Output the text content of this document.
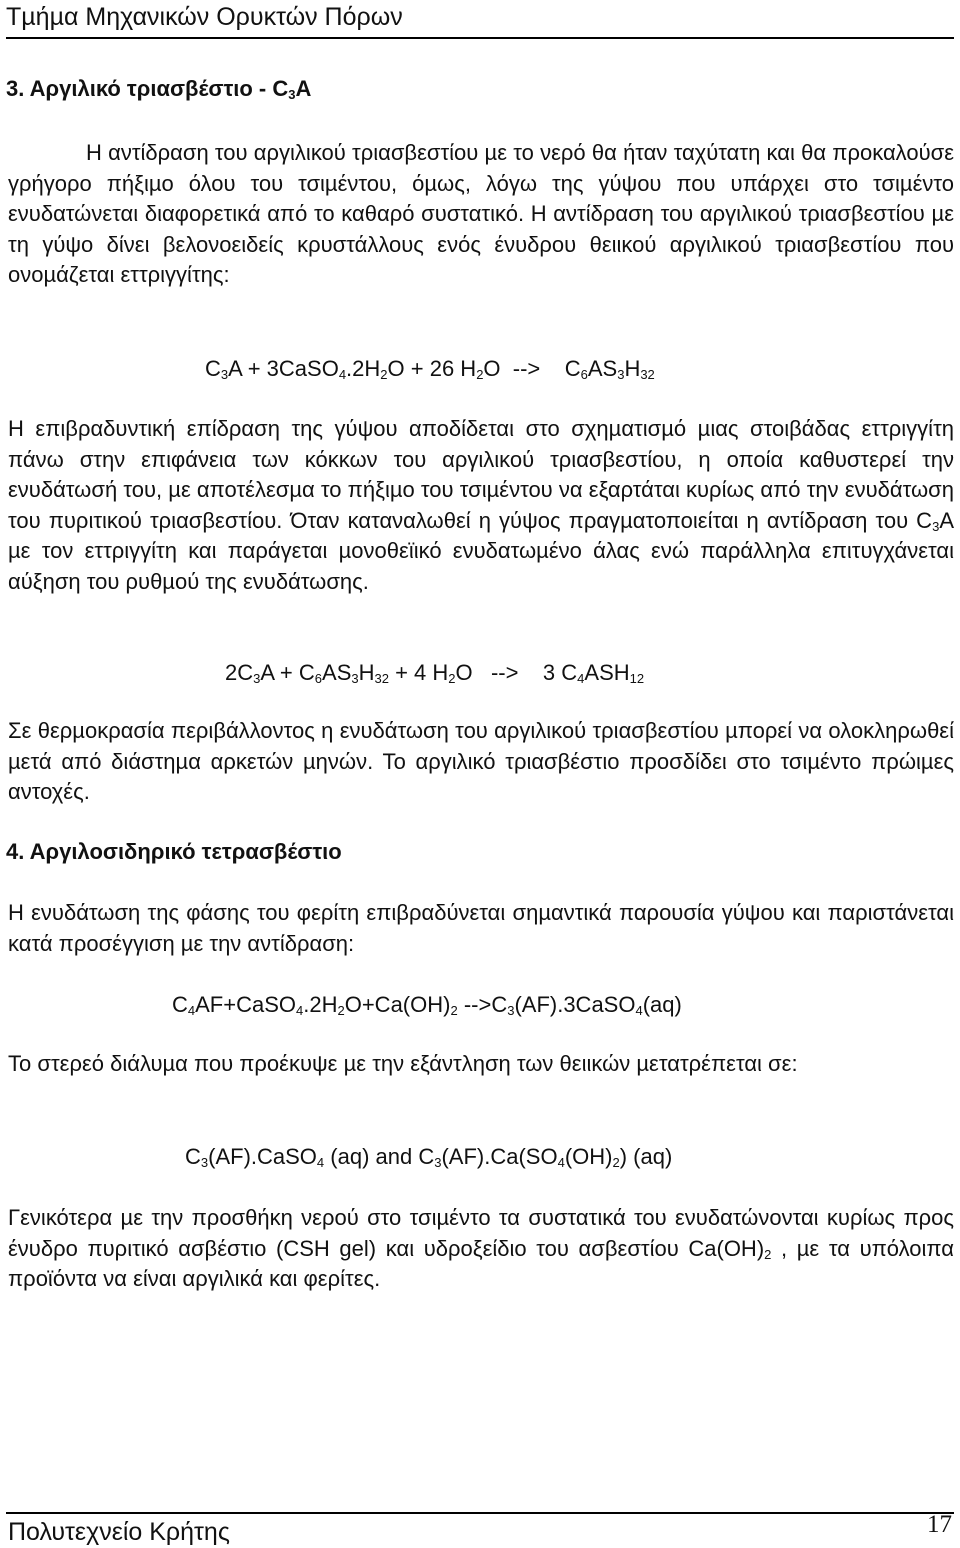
Τµήµα Μηχανικών Ορυκτών Πόρων
3. Αργιλικό τριασβέστιο - $C_3A$
Η αντίδραση του αργιλικού τριασβεστίου µε το νερό θα ήταν ταχύτατη και θα προκαλούσε γρήγορο πήξιµο όλου του τσιµέντου, όµως, λόγω της γύψου που υπάρχει στο τσιµέντο ενυδατώνεται διαφορετικά από το καθαρό συστατικό. Η αντίδραση του αργιλικού τριασβεστίου µε τη γύψο δίνει βελονοειδείς κρυστάλλους ενός ένυδρου θειικού αργιλικού τριασβεστίου που ονοµάζεται εττριγγίτης:
$C_3A$ + $3CaSO_4.2H_2O + 26$ $H_2O$  -->    $C_6AS_3H_{32}$
Η επιβραδυντική επίδραση της γύψου αποδίδεται στο σχηµατισµό µιας στοιβάδας εττριγγίτη πάνω στην επιφάνεια των κόκκων του αργιλικού τριασβεστίου, η οποία καθυστερεί την ενυδάτωσή του, µε αποτέλεσµα το πήξιµο του τσιµέντου να εξαρτάται κυρίως από την ενυδάτωση του πυριτικού τριασβεστίου. Όταν καταναλωθεί η γύψος πραγµατοποιείται η αντίδραση του $C_3A$ µε τον εττριγγίτη και παράγεται µονοθεϊικό ενυδατωµένο άλας ενώ παράλληλα επιτυγχάνεται αύξηση του ρυθµού της ενυδάτωσης.
$2C_3A + C_6AS_3H_{32} + 4$ $H_2O$   -->    3 $C_4ASH_{12}$
Σε θερµοκρασία περιβάλλοντος η ενυδάτωση του αργιλικού τριασβεστίου µπορεί να ολοκληρωθεί µετά από διάστηµα αρκετών µηνών. Το αργιλικό τριασβέστιο προσδίδει στο τσιµέντο πρώιµες αντοχές.
4. Αργιλοσιδηρικό τετρασβέστιο
Η ενυδάτωση της φάσης του φερίτη επιβραδύνεται σηµαντικά παρουσία γύψου και παριστάνεται κατά προσέγγιση µε την αντίδραση:
$C_4AF+CaSO_4.2H_2O+Ca(OH)_2$ $-->C_3(AF).3CaSO_4(aq)$
Το στερεό διάλυµα που προέκυψε µε την εξάντληση των θειικών µετατρέπεται σε:
$C_3(AF).CaSO_4$ (aq) and $C_3(AF).Ca(SO_4(OH)_2)$ (aq)
Γενικότερα µε την προσθήκη νερού στο τσιµέντο τα συστατικά του ενυδατώνονται κυρίως προς ένυδρο πυριτικό ασβέστιο (CSH gel) και υδροξείδιο του ασβεστίου $Ca(OH)_2$ , µε τα υπόλοιπα προϊόντα να είναι αργιλικά και φερίτες.
Πολυτεχνείο Κρήτης	17
